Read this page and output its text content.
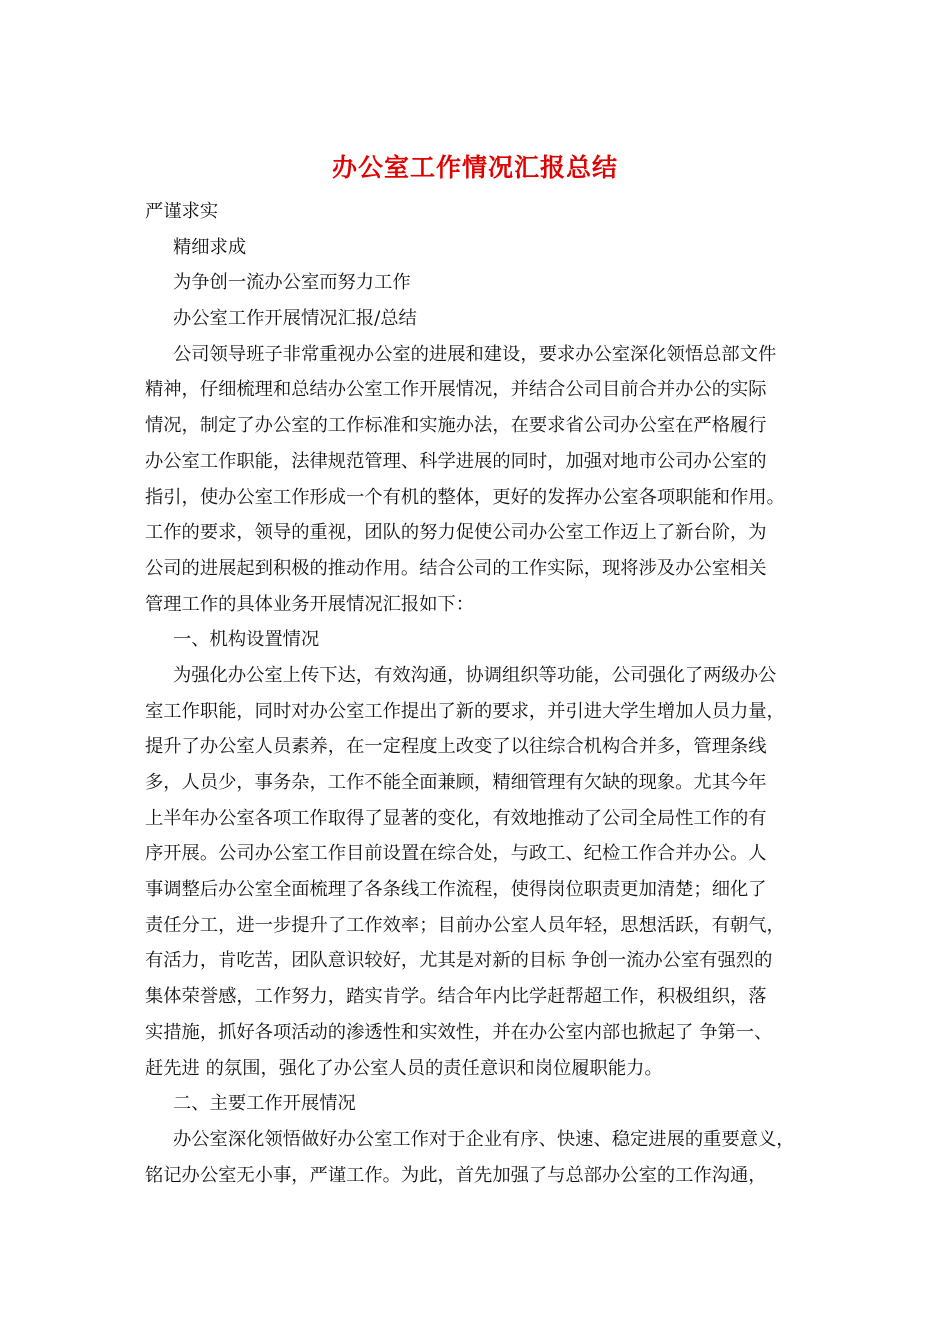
办公室工作情况汇报总结
严谨求实
精细求成
为争创一流办公室而努力工作
办公室工作开展情况汇报/总结
公司领导班子非常重视办公室的进展和建设，要求办公室深化领悟总部文件
精神，仔细梳理和总结办公室工作开展情况，并结合公司目前合并办公的实际
情况，制定了办公室的工作标准和实施办法，在要求省公司办公室在严格履行
办公室工作职能，法律规范管理、科学进展的同时，加强对地市公司办公室的
指引，使办公室工作形成一个有机的整体，更好的发挥办公室各项职能和作用。
工作的要求，领导的重视，团队的努力促使公司办公室工作迈上了新台阶，为
公司的进展起到积极的推动作用。结合公司的工作实际，现将涉及办公室相关
管理工作的具体业务开展情况汇报如下：
一、机构设置情况
为强化办公室上传下达，有效沟通，协调组织等功能，公司强化了两级办公
室工作职能，同时对办公室工作提出了新的要求，并引进大学生增加人员力量，
提升了办公室人员素养，在一定程度上改变了以往综合机构合并多，管理条线
多，人员少，事务杂，工作不能全面兼顾，精细管理有欠缺的现象。尤其今年
上半年办公室各项工作取得了显著的变化，有效地推动了公司全局性工作的有
序开展。公司办公室工作目前设置在综合处，与政工、纪检工作合并办公。人
事调整后办公室全面梳理了各条线工作流程，使得岗位职责更加清楚；细化了
责任分工，进一步提升了工作效率；目前办公室人员年轻，思想活跃，有朝气，
有活力，肯吃苦，团队意识较好，尤其是对新的目标 争创一流办公室有强烈的
集体荣誉感，工作努力，踏实肯学。结合年内比学赶帮超工作，积极组织，落
实措施，抓好各项活动的渗透性和实效性，并在办公室内部也掀起了 争第一、
赶先进 的氛围，强化了办公室人员的责任意识和岗位履职能力。
二、主要工作开展情况
办公室深化领悟做好办公室工作对于企业有序、快速、稳定进展的重要意义，
铭记办公室无小事，严谨工作。为此，首先加强了与总部办公室的工作沟通，
